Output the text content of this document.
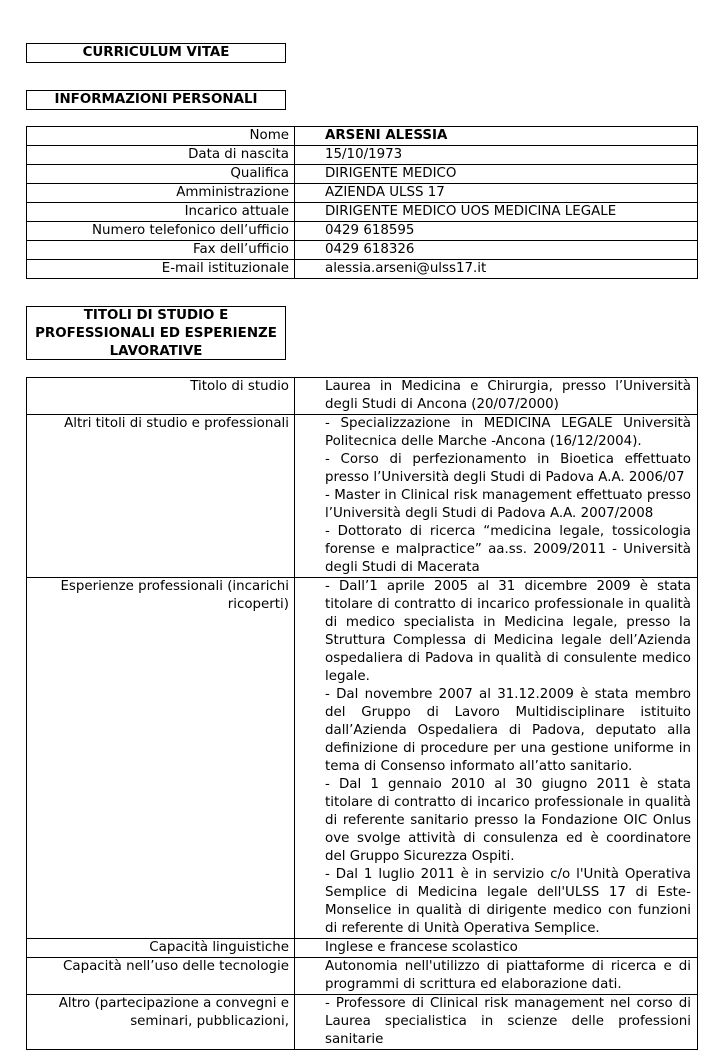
CURRICULUM VITAE
INFORMAZIONI PERSONALI
Nome	ARSENI ALESSIA
Data di nascita	15/10/1973
Qualifica	DIRIGENTE MEDICO
Amministrazione	AZIENDA ULSS 17
Incarico attuale	DIRIGENTE MEDICO UOS MEDICINA LEGALE
Numero telefonico dell’ufficio	0429 618595
Fax dell’ufficio	0429 618326
E-mail istituzionale	alessia.arseni@ulss17.it
TITOLI DI STUDIO E PROFESSIONALI ED ESPERIENZE LAVORATIVE
Titolo di studio	Laurea in Medicina e Chirurgia, presso l’Università degli Studi di Ancona (20/07/2000)
Altri titoli di studio e professionali	- Specializzazione in MEDICINA LEGALE Università Politecnica delle Marche -Ancona (16/12/2004).
- Corso di perfezionamento in Bioetica effettuato presso l’Università degli Studi di Padova A.A. 2006/07
- Master in Clinical risk management effettuato presso l’Università degli Studi di Padova A.A. 2007/2008
- Dottorato di ricerca “medicina legale, tossicologia forense e malpractice” aa.ss. 2009/2011 - Università degli Studi di Macerata

Esperienze professionali (incarichi ricoperti)	- Dall’1 aprile 2005 al 31 dicembre 2009 è stata titolare di contratto di incarico professionale in qualità di medico specialista in Medicina legale, presso la Struttura Complessa di Medicina legale dell’Azienda ospedaliera di Padova in qualità di consulente medico legale.
- Dal novembre 2007 al 31.12.2009 è stata membro del Gruppo di Lavoro Multidisciplinare istituito dall’Azienda Ospedaliera di Padova, deputato alla definizione di procedure per una gestione uniforme in tema di Consenso informato all’atto sanitario.
- Dal 1 gennaio 2010 al 30 giugno 2011 è stata titolare di contratto di incarico professionale in qualità di referente sanitario presso la Fondazione OIC Onlus ove svolge attività di consulenza ed è coordinatore del Gruppo Sicurezza Ospiti.
- Dal 1 luglio 2011 è in servizio c/o l'Unità Operativa Semplice di Medicina legale dell'ULSS 17 di Este-Monselice in qualità di dirigente medico con funzioni di referente di Unità Operativa Semplice.

Capacità linguistiche	Inglese e francese scolastico
Capacità nell’uso delle tecnologie	Autonomia nell'utilizzo di piattaforme di ricerca e di programmi di scrittura ed elaborazione dati.
Altro (partecipazione a convegni e seminari, pubblicazioni,	- Professore di Clinical risk management nel corso di Laurea specialistica in scienze delle professioni sanitarie
